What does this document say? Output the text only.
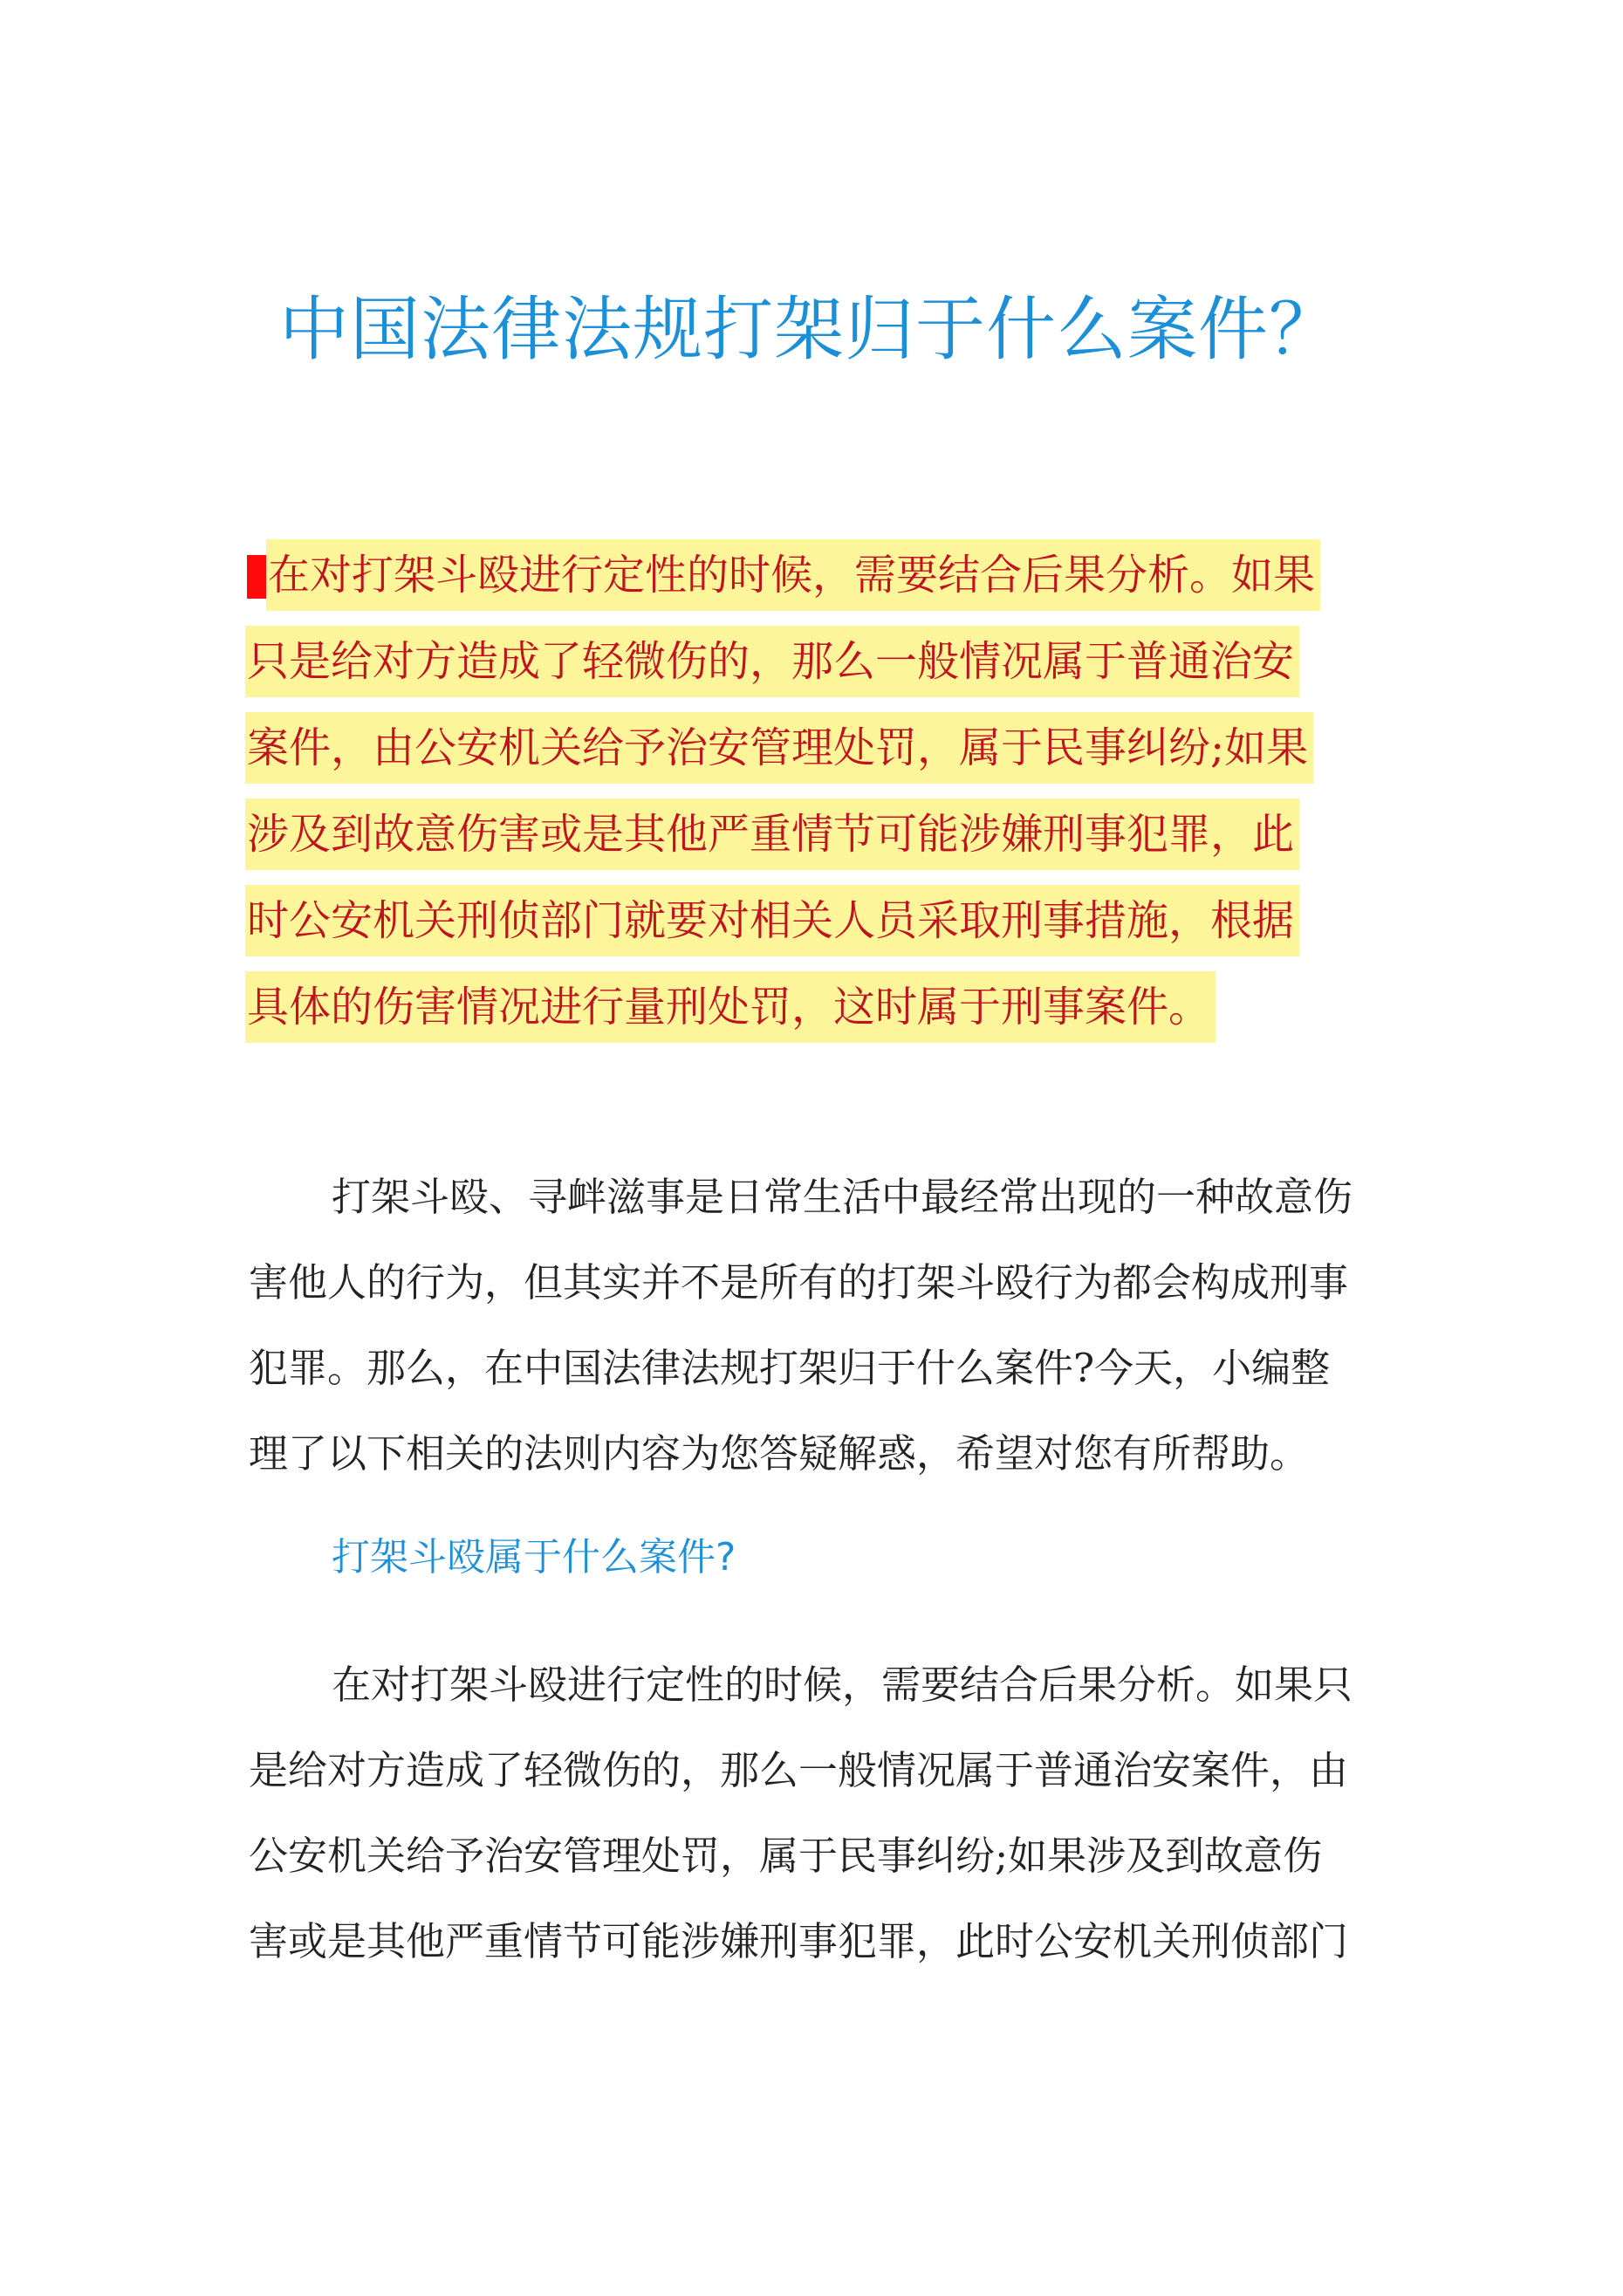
中国法律法规打架归于什么案件？
在对打架斗殴进行定性的时候，需要结合后果分析。如果
只是给对方造成了轻微伤的，那么一般情况属于普通治安
案件，由公安机关给予治安管理处罚，属于民事纠纷;如果
涉及到故意伤害或是其他严重情节可能涉嫌刑事犯罪，此
时公安机关刑侦部门就要对相关人员采取刑事措施，根据
具体的伤害情况进行量刑处罚，这时属于刑事案件。
打架斗殴、寻衅滋事是日常生活中最经常出现的一种故意伤
害他人的行为，但其实并不是所有的打架斗殴行为都会构成刑事
犯罪。那么，在中国法律法规打架归于什么案件?今天，小编整
理了以下相关的法则内容为您答疑解惑，希望对您有所帮助。
打架斗殴属于什么案件?
在对打架斗殴进行定性的时候，需要结合后果分析。如果只
是给对方造成了轻微伤的，那么一般情况属于普通治安案件，由
公安机关给予治安管理处罚，属于民事纠纷;如果涉及到故意伤
害或是其他严重情节可能涉嫌刑事犯罪，此时公安机关刑侦部门
